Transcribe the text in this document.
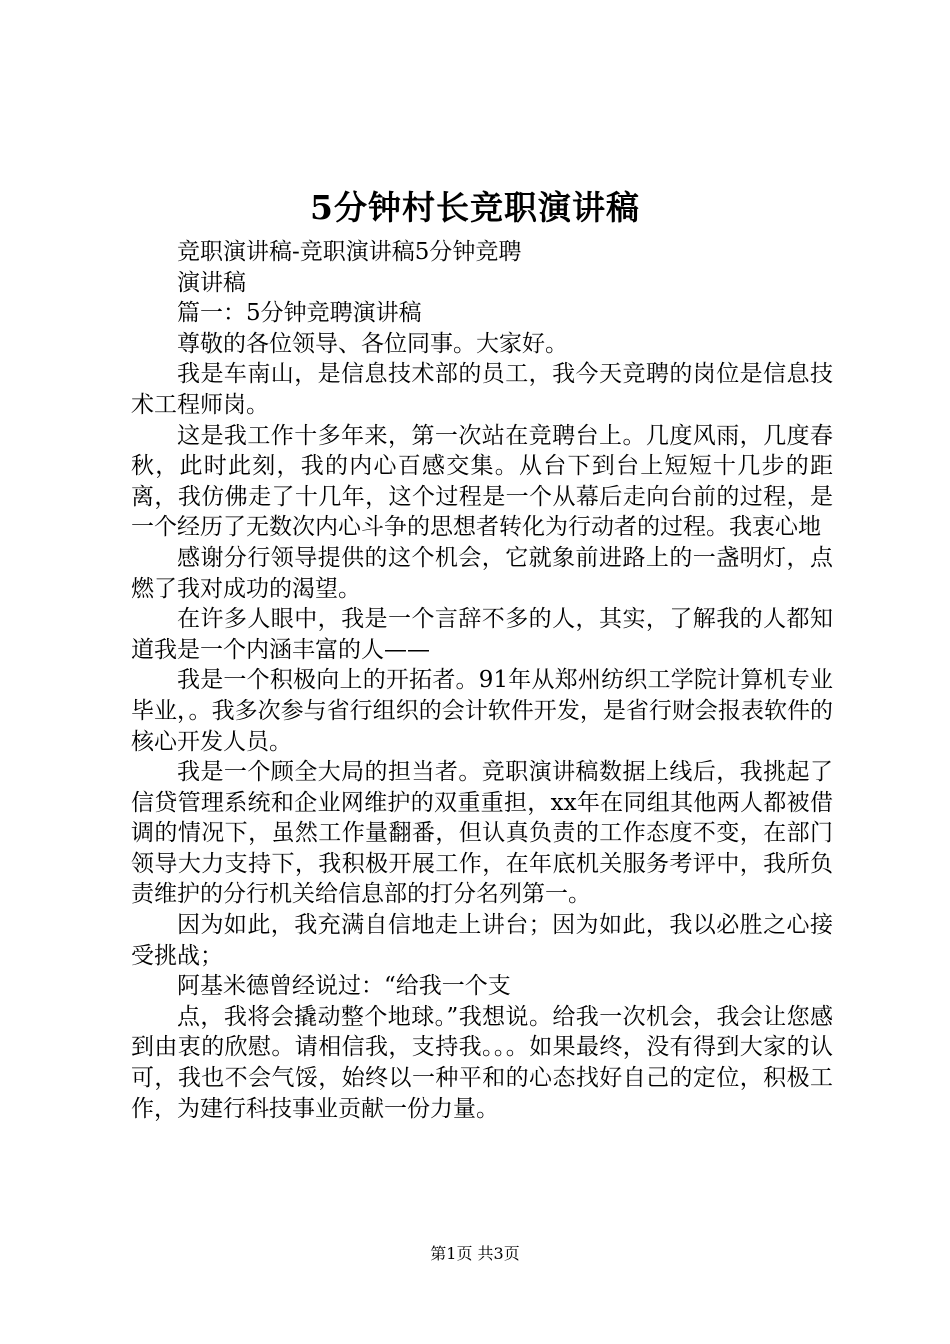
5分钟村长竞职演讲稿

竞职演讲稿-竞职演讲稿5分钟竞聘

演讲稿

篇一：5分钟竞聘演讲稿

尊敬的各位领导、各位同事。大家好。

我是车南山，是信息技术部的员工，我今天竞聘的岗位是信息技术工程师岗。

这是我工作十多年来，第一次站在竞聘台上。几度风雨，几度春秋，此时此刻，我的内心百感交集。从台下到台上短短十几步的距离，我仿佛走了十几年，这个过程是一个从幕后走向台前的过程，是一个经历了无数次内心斗争的思想者转化为行动者的过程。我衷心地

感谢分行领导提供的这个机会，它就象前进路上的一盏明灯，点燃了我对成功的渴望。

在许多人眼中，我是一个言辞不多的人，其实，了解我的人都知道我是一个内涵丰富的人——

我是一个积极向上的开拓者。91年从郑州纺织工学院计算机专业毕业，。我多次参与省行组织的会计软件开发，是省行财会报表软件的核心开发人员。

我是一个顾全大局的担当者。竞职演讲稿数据上线后，我挑起了信贷管理系统和企业网维护的双重重担，xx年在同组其他两人都被借调的情况下，虽然工作量翻番，但认真负责的工作态度不变，在部门领导大力支持下，我积极开展工作，在年底机关服务考评中，我所负责维护的分行机关给信息部的打分名列第一。

因为如此，我充满自信地走上讲台；因为如此，我以必胜之心接受挑战；

阿基米德曾经说过：“给我一个支

点，我将会撬动整个地球。”我想说。给我一次机会，我会让您感到由衷的欣慰。请相信我，支持我。。。如果最终，没有得到大家的认可，我也不会气馁，始终以一种平和的心态找好自己的定位，积极工作，为建行科技事业贡献一份力量。

第1页 共3页
